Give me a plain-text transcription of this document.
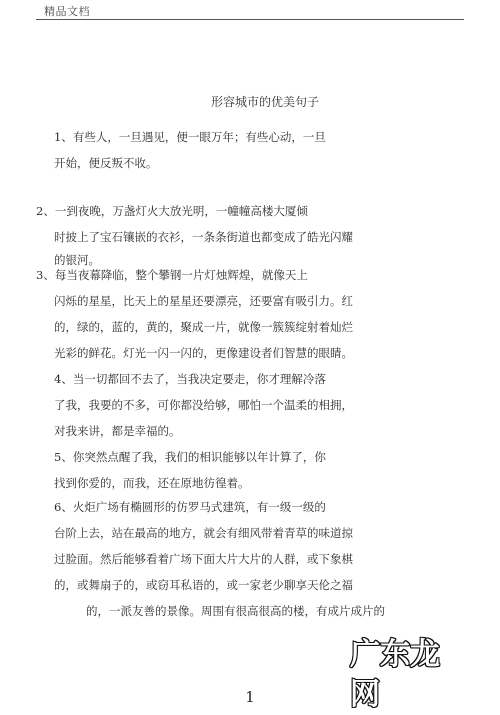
精品文档
形容城市的优美句子
1、有些人，一旦遇见，便一眼万年；有些心动，一旦
开始，便反叛不收。
2、一到夜晚，万盏灯火大放光明，一幢幢高楼大厦倾
时披上了宝石镶嵌的衣衫，一条条街道也都变成了皓光闪耀
的银河。
3、每当夜幕降临，整个攀钢一片灯烛辉煌，就像天上
闪烁的星星，比天上的星星还要漂亮，还要富有吸引力。红
的，绿的，蓝的，黄的，聚成一片，就像一簇簇绽射着灿烂
光彩的鲜花。灯光一闪一闪的，更像建设者们智慧的眼睛。
4、当一切都回不去了，当我决定要走，你才理解冷落
了我，我要的不多，可你都没给够，哪怕一个温柔的相拥，
对我来讲，都是幸福的。
5、你突然点醒了我，我们的相识能够以年计算了，你
找到你爱的，而我，还在原地彷徨着。
6、火炬广场有椭圆形的仿罗马式建筑，有一级一级的
台阶上去，站在最高的地方，就会有细风带着青草的味道掠
过脸面。然后能够看着广场下面大片大片的人群，或下象棋
的，或舞扇子的，或窃耳私语的，或一家老少聊享天伦之福
的，一派友善的景像。周围有很高很高的楼，有成片成片的
1
广东龙网
